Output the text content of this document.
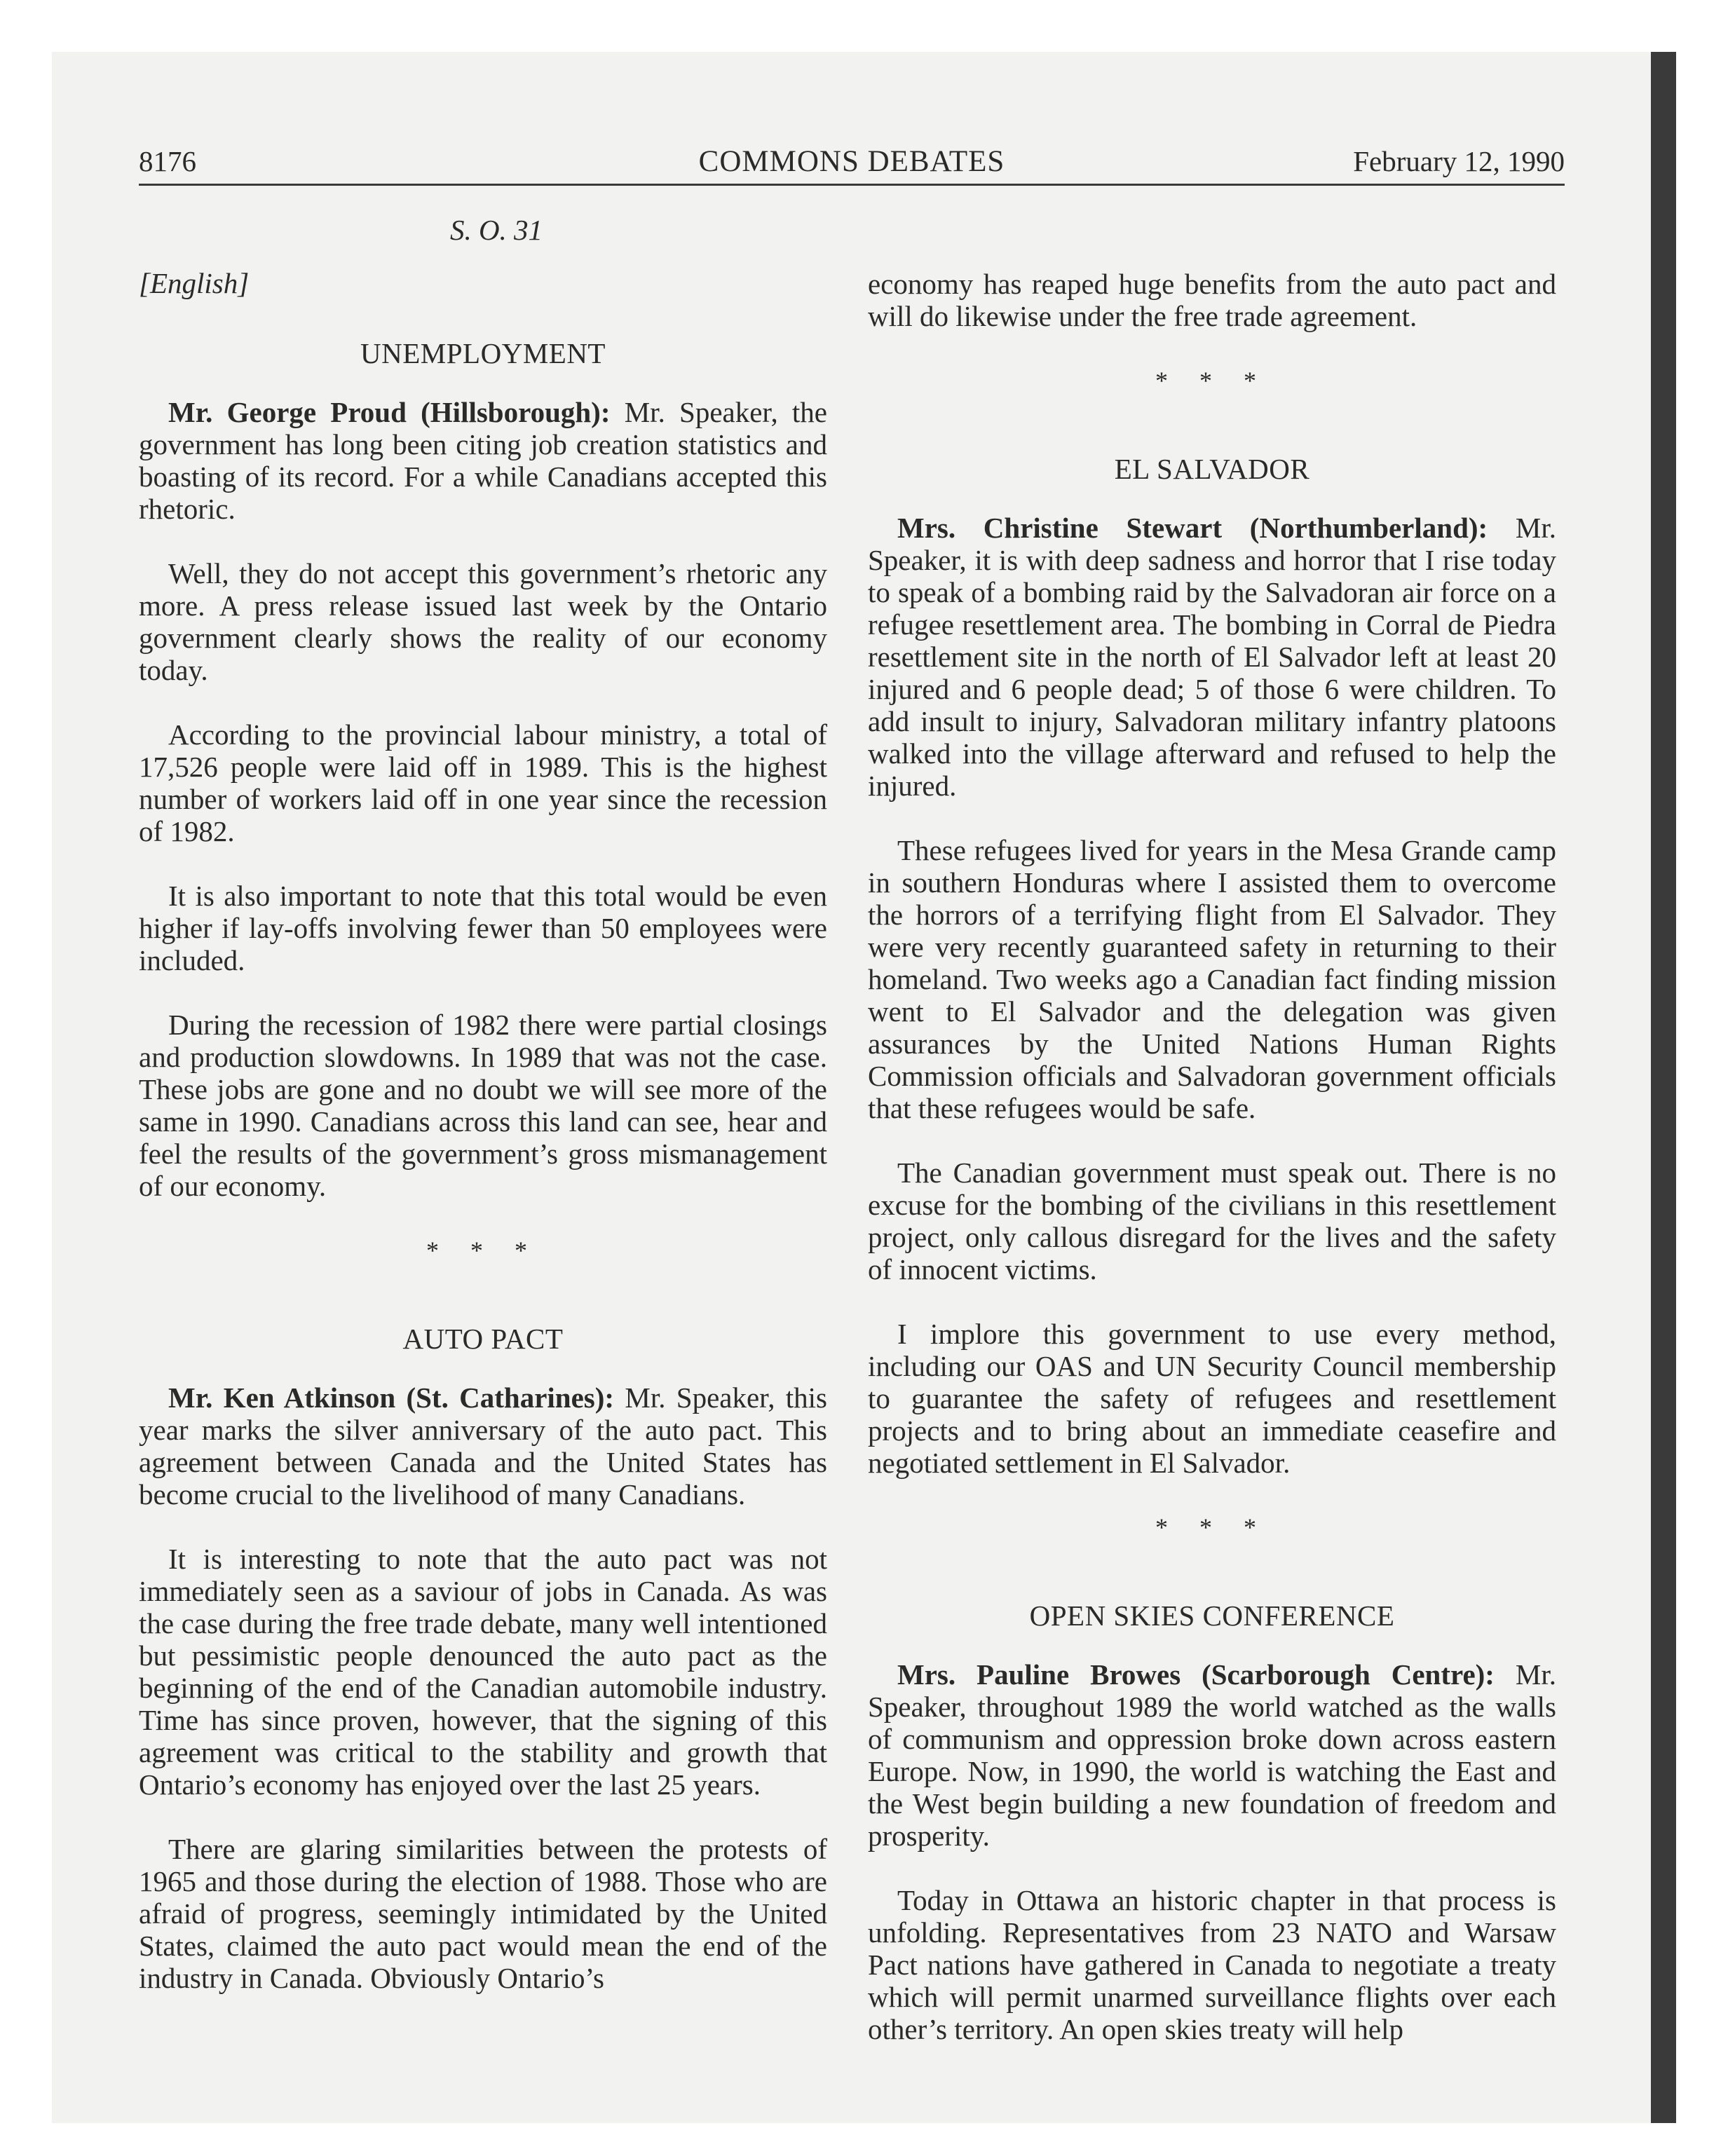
8176	COMMONS DEBATES	February 12, 1990
S. O. 31
[English]
UNEMPLOYMENT

Mr. George Proud (Hillsborough): Mr. Speaker, the government has long been citing job creation statistics and boasting of its record. For a while Canadians accepted this rhetoric.

Well, they do not accept this government’s rhetoric any more. A press release issued last week by the Ontario government clearly shows the reality of our economy today.

According to the provincial labour ministry, a total of 17,526 people were laid off in 1989. This is the highest number of workers laid off in one year since the recession of 1982.

It is also important to note that this total would be even higher if lay-offs involving fewer than 50 employees were included.

During the recession of 1982 there were partial closings and production slowdowns. In 1989 that was not the case. These jobs are gone and no doubt we will see more of the same in 1990. Canadians across this land can see, hear and feel the results of the government’s gross mismanagement of our economy.

* * *
AUTO PACT

Mr. Ken Atkinson (St. Catharines): Mr. Speaker, this year marks the silver anniversary of the auto pact. This agreement between Canada and the United States has become crucial to the livelihood of many Canadians.

It is interesting to note that the auto pact was not immediately seen as a saviour of jobs in Canada. As was the case during the free trade debate, many well intentioned but pessimistic people denounced the auto pact as the beginning of the end of the Canadian automobile industry. Time has since proven, however, that the signing of this agreement was critical to the stability and growth that Ontario’s economy has enjoyed over the last 25 years.

There are glaring similarities between the protests of 1965 and those during the election of 1988. Those who are afraid of progress, seemingly intimidated by the United States, claimed the auto pact would mean the end of the industry in Canada. Obviously Ontario’s

economy has reaped huge benefits from the auto pact and will do likewise under the free trade agreement.

* * *
EL SALVADOR

Mrs. Christine Stewart (Northumberland): Mr. Speaker, it is with deep sadness and horror that I rise today to speak of a bombing raid by the Salvadoran air force on a refugee resettlement area. The bombing in Corral de Piedra resettlement site in the north of El Salvador left at least 20 injured and 6 people dead; 5 of those 6 were children. To add insult to injury, Salvadoran military infantry platoons walked into the village afterward and refused to help the injured.

These refugees lived for years in the Mesa Grande camp in southern Honduras where I assisted them to overcome the horrors of a terrifying flight from El Salvador. They were very recently guaranteed safety in returning to their homeland. Two weeks ago a Canadian fact finding mission went to El Salvador and the delegation was given assurances by the United Nations Human Rights Commission officials and Salvadoran government officials that these refugees would be safe.

The Canadian government must speak out. There is no excuse for the bombing of the civilians in this resettlement project, only callous disregard for the lives and the safety of innocent victims.

I implore this government to use every method, including our OAS and UN Security Council membership to guarantee the safety of refugees and resettlement projects and to bring about an immediate ceasefire and negotiated settlement in El Salvador.

* * *
OPEN SKIES CONFERENCE

Mrs. Pauline Browes (Scarborough Centre): Mr. Speaker, throughout 1989 the world watched as the walls of communism and oppression broke down across eastern Europe. Now, in 1990, the world is watching the East and the West begin building a new foundation of freedom and prosperity.

Today in Ottawa an historic chapter in that process is unfolding. Representatives from 23 NATO and Warsaw Pact nations have gathered in Canada to negotiate a treaty which will permit unarmed surveillance flights over each other’s territory. An open skies treaty will help
